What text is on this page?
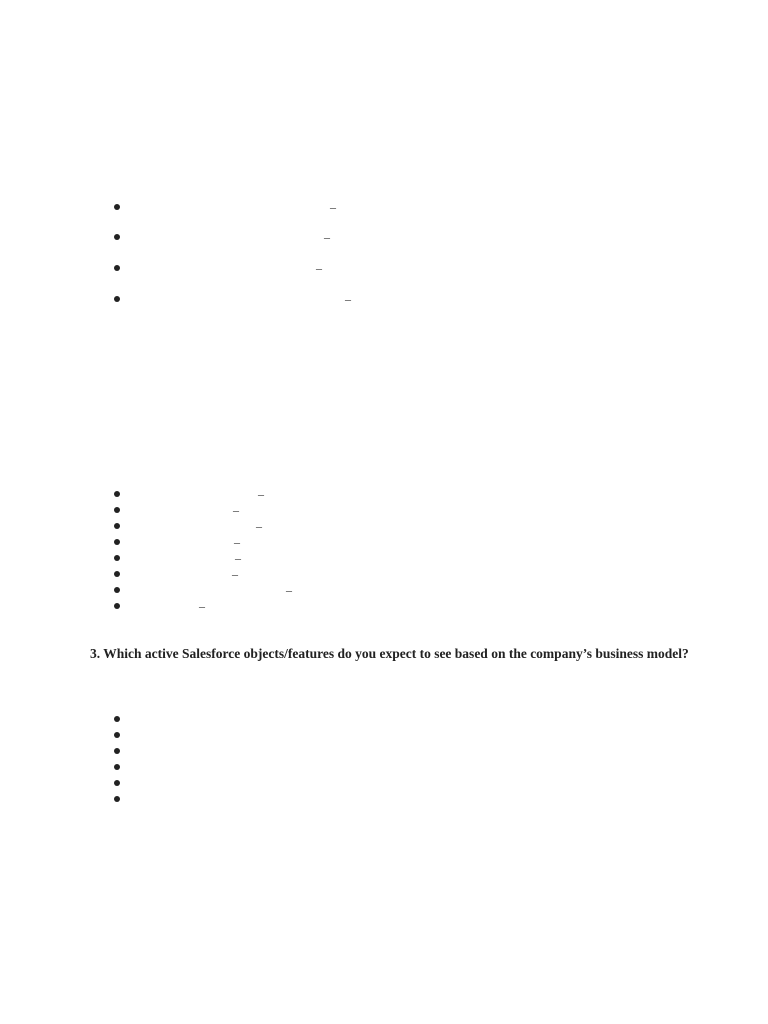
–
–
–
–
–
–
–
–
–
–
–
–
3. Which active Salesforce objects/features do you expect to see based on the company’s business model?
